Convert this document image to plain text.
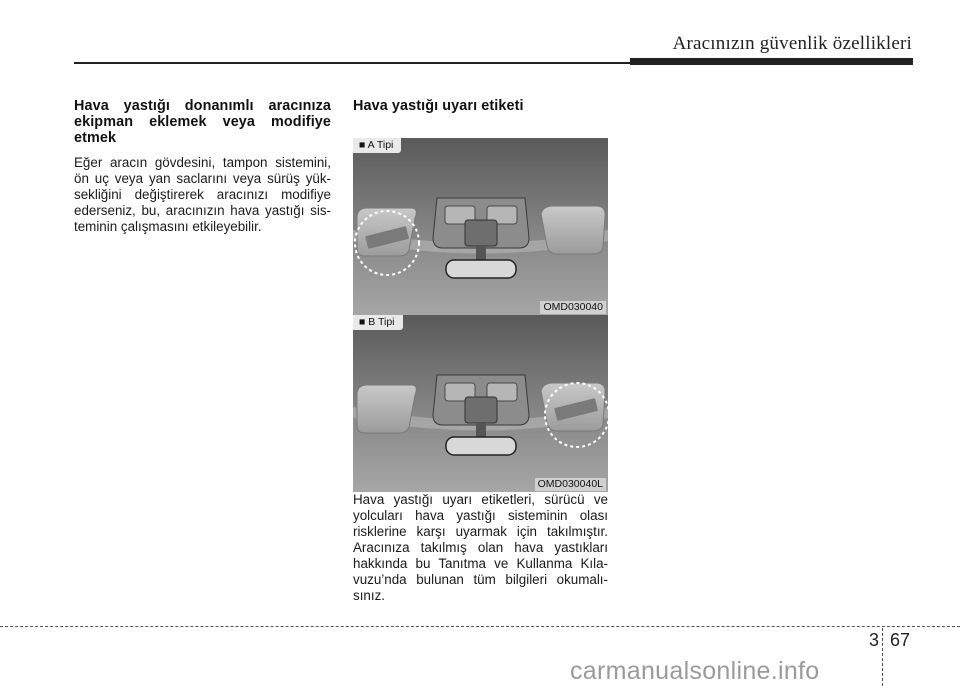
Aracınızın güvenlik özellikleri
Hava yastığı donanımlı aracınıza ekipman eklemek veya modifiye etmek

Eğer aracın gövdesini, tampon sistemini, ön uç veya yan saclarını veya sürüş yük-sekliğini değiştirerek aracınızı modifiye ederseniz, bu, aracınızın hava yastığı sis-teminin çalışmasını etkileyebilir.

Hava yastığı uyarı etiketi
■ A Tipi
OMD030040
■ B Tipi
OMD030040L

Hava yastığı uyarı etiketleri, sürücü ve yolcuları hava yastığı sisteminin olası risklerine karşı uyarmak için takılmıştır. Aracınıza takılmış olan hava yastıkları hakkında bu Tanıtma ve Kullanma Kıla-vuzu’nda bulunan tüm bilgileri okumalı-sınız.

3 67
carmanualsonline.info
